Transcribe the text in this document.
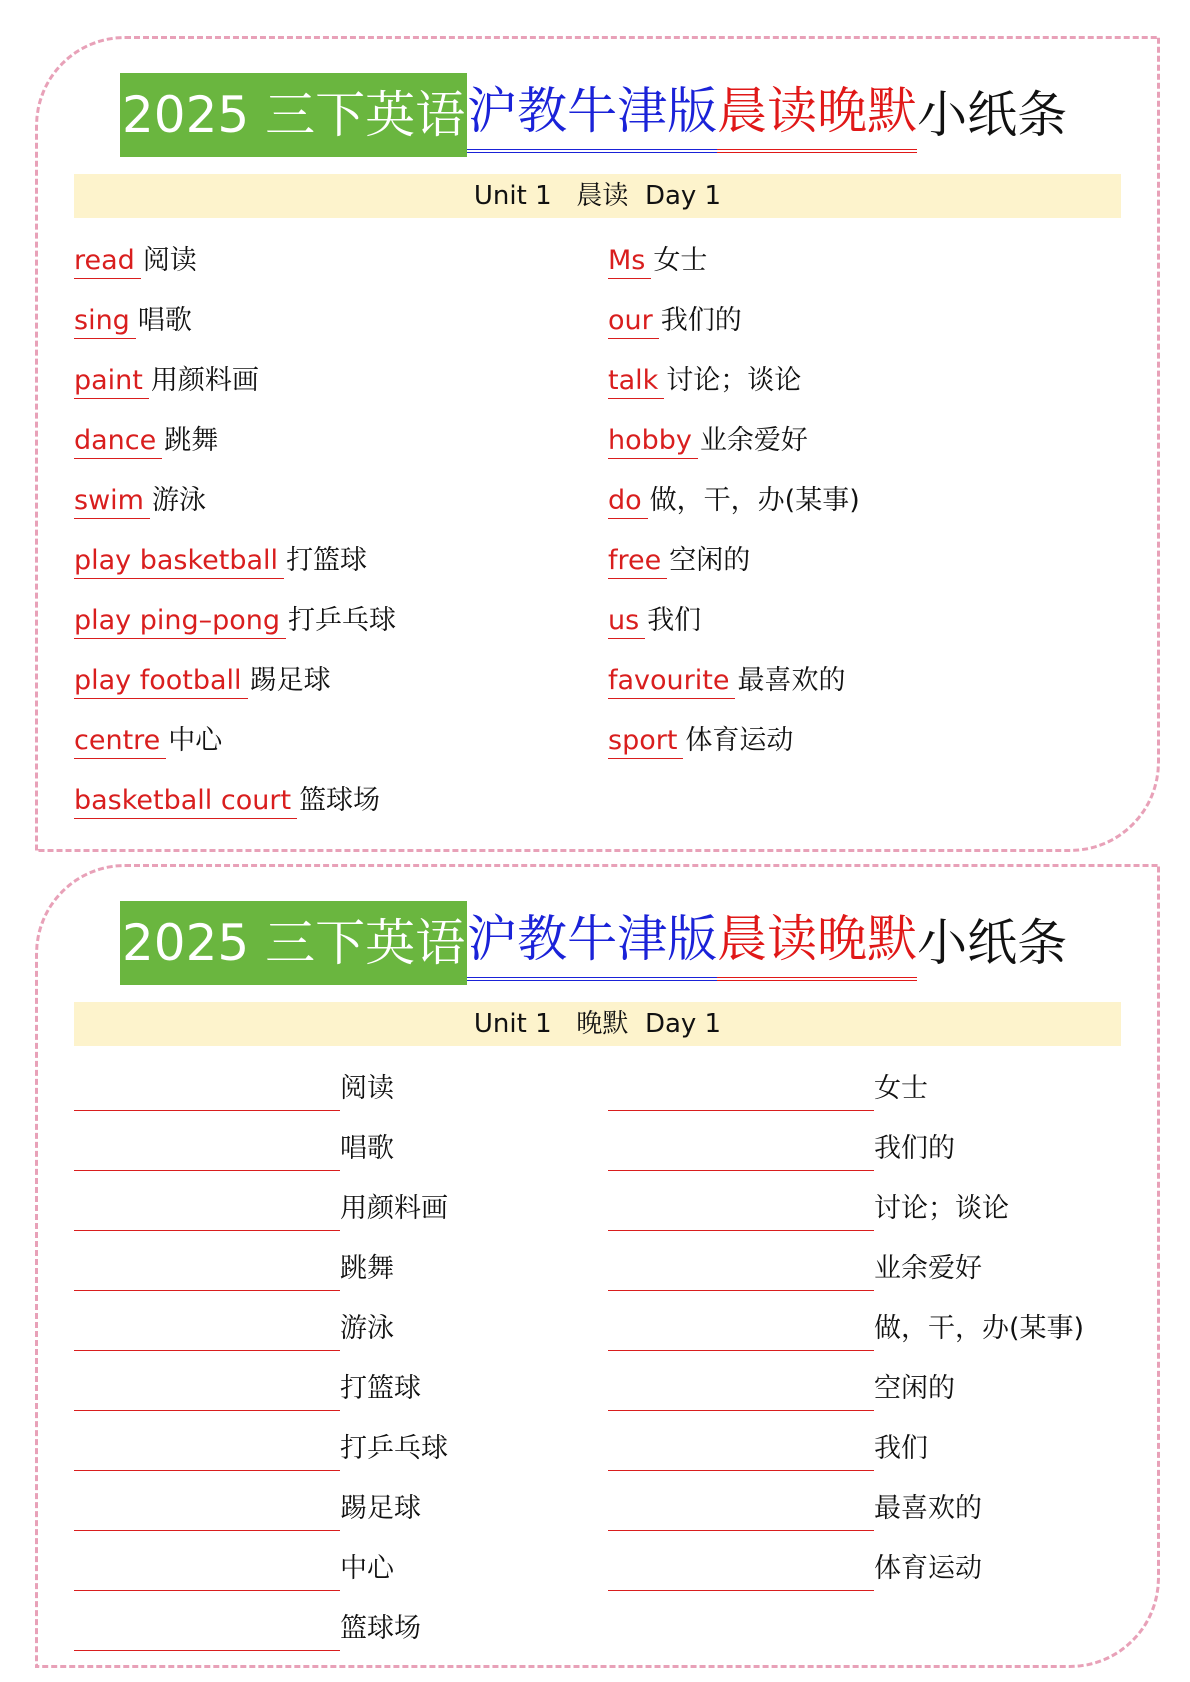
2025 三下英语沪教牛津版晨读晚默小纸条
Unit 1   晨读  Day 1
read 阅读
sing 唱歌
paint 用颜料画
dance 跳舞
swim 游泳
play basketball 打篮球
play ping–pong 打乒乓球
play football 踢足球
centre 中心
basketball court 篮球场
Ms 女士
our 我们的
talk 讨论；谈论
hobby 业余爱好
do 做，干，办(某事)
free 空闲的
us 我们
favourite 最喜欢的
sport 体育运动
2025 三下英语沪教牛津版晨读晚默小纸条
Unit 1   晚默  Day 1
阅读
唱歌
用颜料画
跳舞
游泳
打篮球
打乒乓球
踢足球
中心
篮球场
女士
我们的
讨论；谈论
业余爱好
做，干，办(某事)
空闲的
我们
最喜欢的
体育运动
